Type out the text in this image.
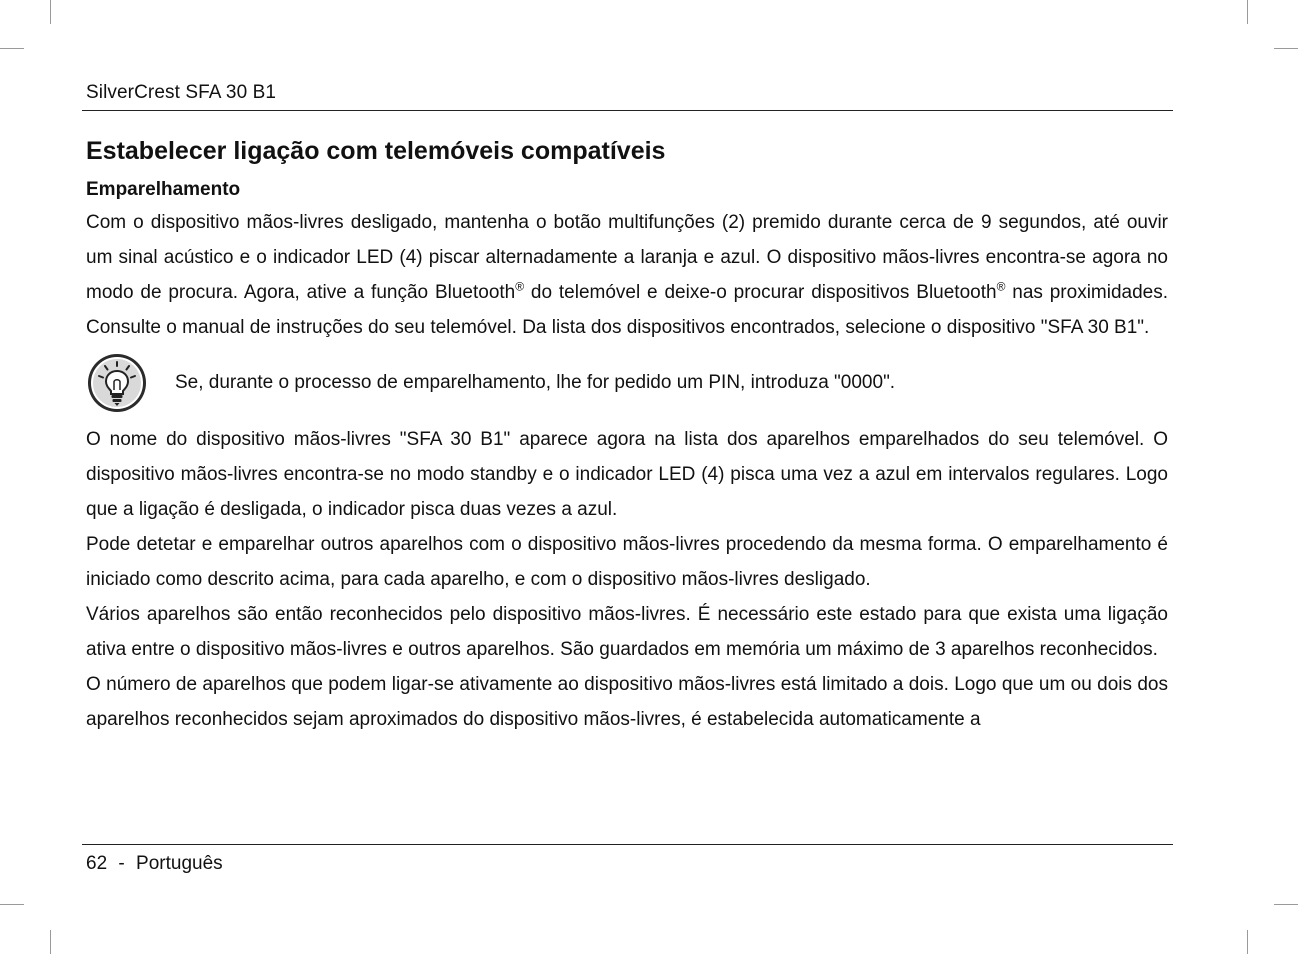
SilverCrest SFA 30 B1
Estabelecer ligação com telemóveis compatíveis
Emparelhamento

Com o dispositivo mãos-livres desligado, mantenha o botão multifunções (2) premido durante cerca de 9 segundos, até ouvir um sinal acústico e o indicador LED (4) piscar alternadamente a laranja e azul. O dispositivo mãos-livres encontra-se agora no modo de procura. Agora, ative a função Bluetooth® do telemóvel e deixe-o procurar dispositivos Bluetooth® nas proximidades. Consulte o manual de instruções do seu telemóvel. Da lista dos dispositivos encontrados, selecione o dispositivo "SFA 30 B1".

Se, durante o processo de emparelhamento, lhe for pedido um PIN, introduza "0000".

O nome do dispositivo mãos-livres "SFA 30 B1" aparece agora na lista dos aparelhos emparelhados do seu telemóvel. O dispositivo mãos-livres encontra-se no modo standby e o indicador LED (4) pisca uma vez a azul em intervalos regulares. Logo que a ligação é desligada, o indicador pisca duas vezes a azul.

Pode detetar e emparelhar outros aparelhos com o dispositivo mãos-livres procedendo da mesma forma. O emparelhamento é iniciado como descrito acima, para cada aparelho, e com o dispositivo mãos-livres desligado.

Vários aparelhos são então reconhecidos pelo dispositivo mãos-livres. É necessário este estado para que exista uma ligação ativa entre o dispositivo mãos-livres e outros aparelhos. São guardados em memória um máximo de 3 aparelhos reconhecidos.

O número de aparelhos que podem ligar-se ativamente ao dispositivo mãos-livres está limitado a dois. Logo que um ou dois dos aparelhos reconhecidos sejam aproximados do dispositivo mãos-livres, é estabelecida automaticamente a

62 - Português
